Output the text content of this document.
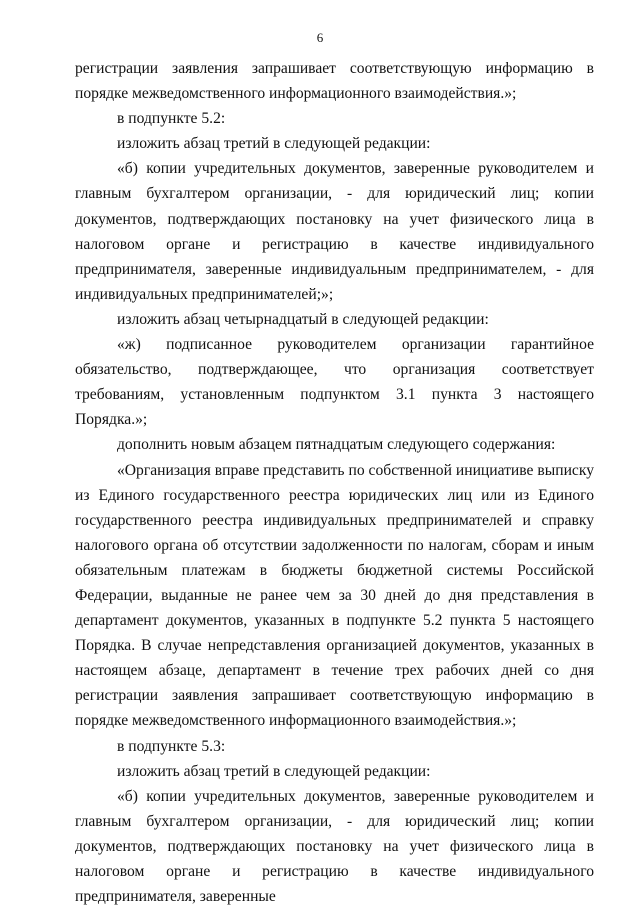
6

регистрации заявления запрашивает соответствующую информацию в порядке межведомственного информационного взаимодействия.»;

в подпункте 5.2:

изложить абзац третий в следующей редакции:

«б) копии учредительных документов, заверенные руководителем и главным бухгалтером организации, - для юридический лиц; копии документов, подтверждающих постановку на учет физического лица в налоговом органе и регистрацию в качестве индивидуального предпринимателя, заверенные индивидуальным предпринимателем, - для индивидуальных предпринимателей;»;

изложить абзац четырнадцатый в следующей редакции:

«ж) подписанное руководителем организации гарантийное обязательство, подтверждающее, что организация соответствует требованиям, установленным подпунктом 3.1 пункта 3 настоящего Порядка.»;

дополнить новым абзацем пятнадцатым следующего содержания:

«Организация вправе представить по собственной инициативе выписку из Единого государственного реестра юридических лиц или из Единого государственного реестра индивидуальных предпринимателей и справку налогового органа об отсутствии задолженности по налогам, сборам и иным обязательным платежам в бюджеты бюджетной системы Российской Федерации, выданные не ранее чем за 30 дней до дня представления в департамент документов, указанных в подпункте 5.2 пункта 5 настоящего Порядка. В случае непредставления организацией документов, указанных в настоящем абзаце, департамент в течение трех рабочих дней со дня регистрации заявления запрашивает соответствующую информацию в порядке межведомственного информационного взаимодействия.»;

в подпункте 5.3:

изложить абзац третий в следующей редакции:

«б) копии учредительных документов, заверенные руководителем и главным бухгалтером организации, - для юридический лиц; копии документов, подтверждающих постановку на учет физического лица в налоговом органе и регистрацию в качестве индивидуального предпринимателя, заверенные
